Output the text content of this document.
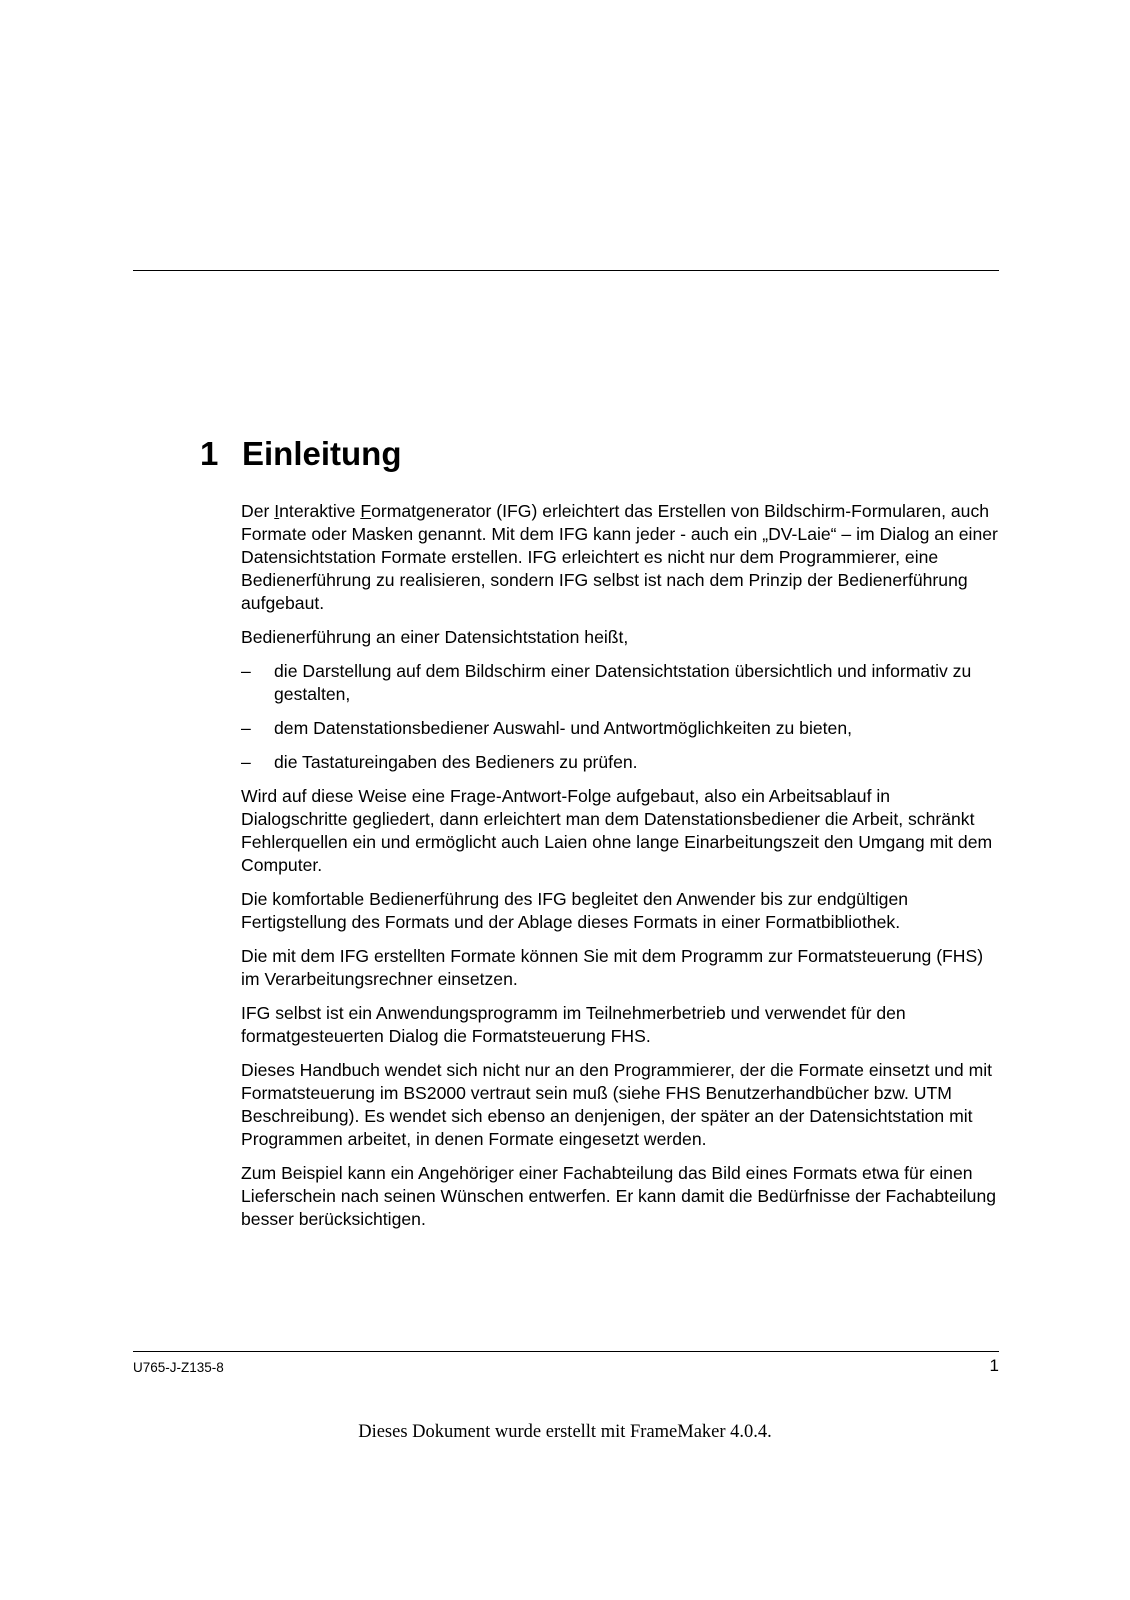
1 Einleitung

Der Interaktive Formatgenerator (IFG) erleichtert das Erstellen von Bildschirm-Formularen, auch Formate oder Masken genannt. Mit dem IFG kann jeder - auch ein „DV-Laie“ – im Dialog an einer Datensichtstation Formate erstellen. IFG erleichtert es nicht nur dem Programmierer, eine Bedienerführung zu realisieren, sondern IFG selbst ist nach dem Prinzip der Bedienerführung aufgebaut.

Bedienerführung an einer Datensichtstation heißt,

– die Darstellung auf dem Bildschirm einer Datensichtstation übersichtlich und informativ zu gestalten,
– dem Datenstationsbediener Auswahl- und Antwortmöglichkeiten zu bieten,
– die Tastatureingaben des Bedieners zu prüfen.

Wird auf diese Weise eine Frage-Antwort-Folge aufgebaut, also ein Arbeitsablauf in Dialogschritte gegliedert, dann erleichtert man dem Datenstationsbediener die Arbeit, schränkt Fehlerquellen ein und ermöglicht auch Laien ohne lange Einarbeitungszeit den Umgang mit dem Computer.

Die komfortable Bedienerführung des IFG begleitet den Anwender bis zur endgültigen Fertigstellung des Formats und der Ablage dieses Formats in einer Formatbibliothek.

Die mit dem IFG erstellten Formate können Sie mit dem Programm zur Formatsteuerung (FHS) im Verarbeitungsrechner einsetzen.

IFG selbst ist ein Anwendungsprogramm im Teilnehmerbetrieb und verwendet für den formatgesteuerten Dialog die Formatsteuerung FHS.

Dieses Handbuch wendet sich nicht nur an den Programmierer, der die Formate einsetzt und mit Formatsteuerung im BS2000 vertraut sein muß (siehe FHS Benutzerhandbücher bzw. UTM Beschreibung). Es wendet sich ebenso an denjenigen, der später an der Datensichtstation mit Programmen arbeitet, in denen Formate eingesetzt werden.

Zum Beispiel kann ein Angehöriger einer Fachabteilung das Bild eines Formats etwa für einen Lieferschein nach seinen Wünschen entwerfen. Er kann damit die Bedürfnisse der Fachabteilung besser berücksichtigen.

U765-J-Z135-8	1
Dieses Dokument wurde erstellt mit FrameMaker 4.0.4.
